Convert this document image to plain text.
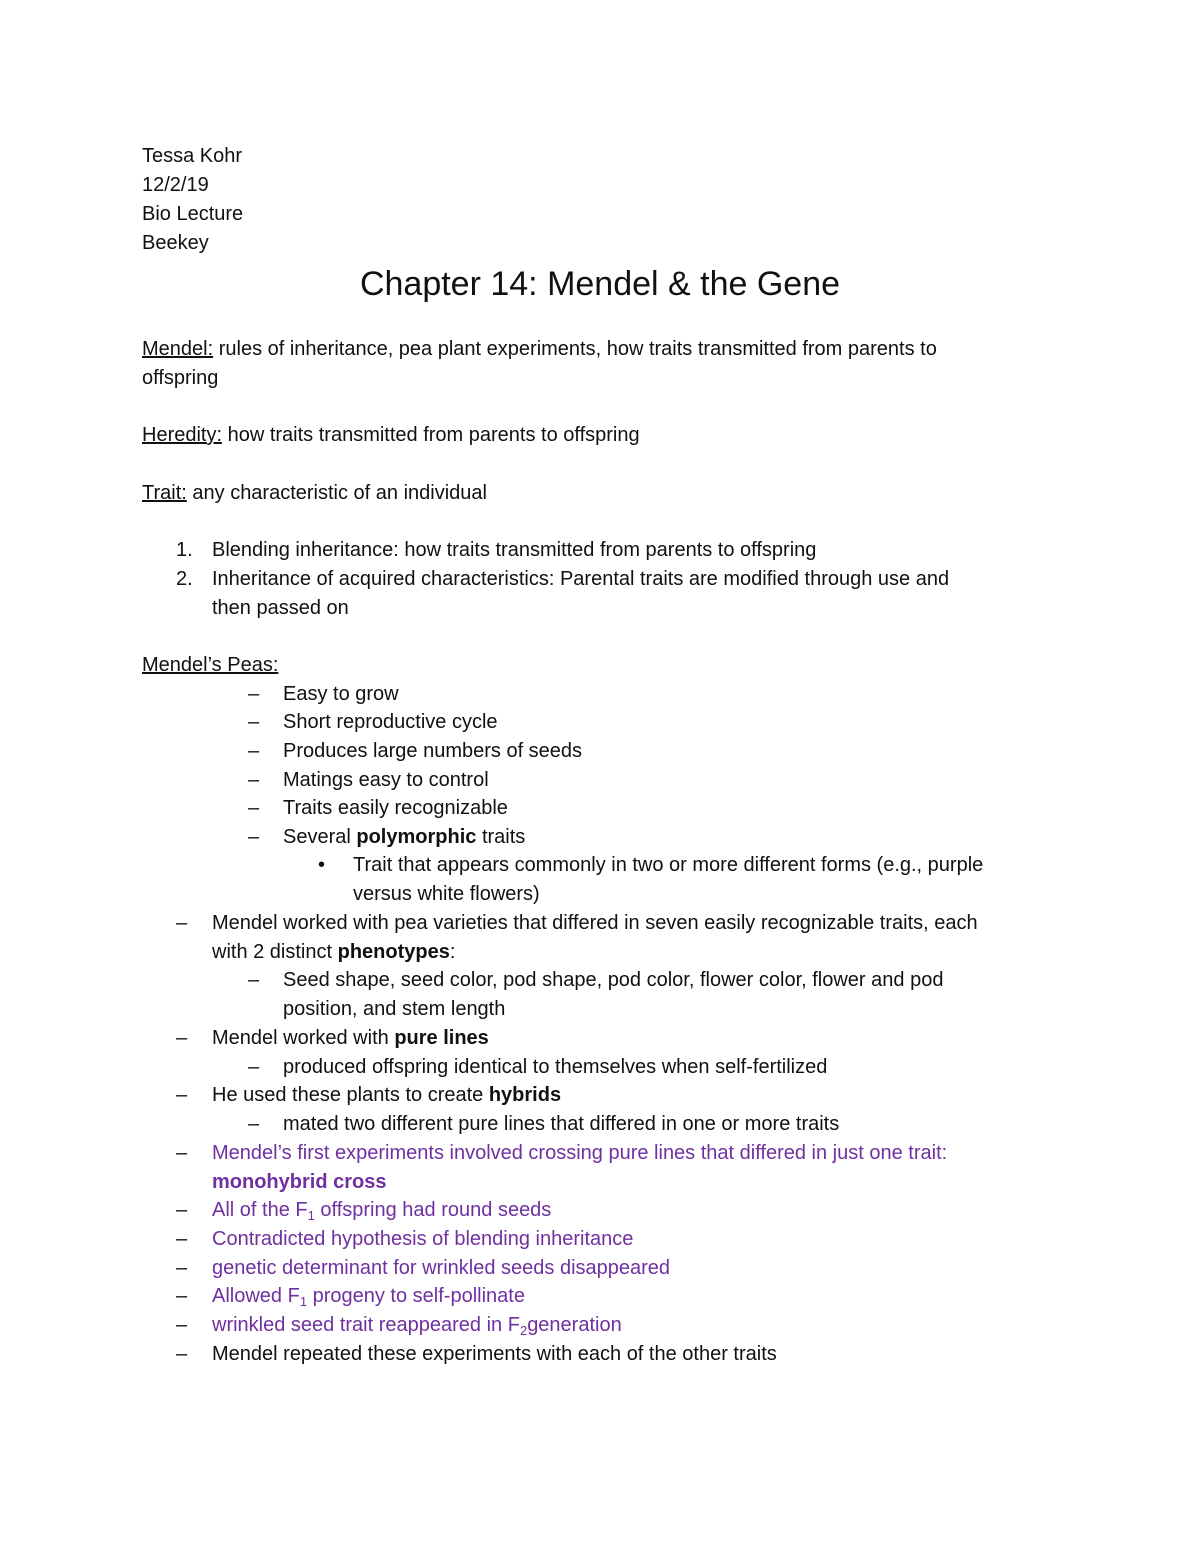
Tessa Kohr
12/2/19
Bio Lecture
Beekey
Chapter 14: Mendel & the Gene
Mendel: rules of inheritance, pea plant experiments, how traits transmitted from parents to
offspring
Heredity: how traits transmitted from parents to offspring
Trait: any characteristic of an individual
1. Blending inheritance: how traits transmitted from parents to offspring
2. Inheritance of acquired characteristics: Parental traits are modified through use and
then passed on
Mendel’s Peas:
– Easy to grow
– Short reproductive cycle
– Produces large numbers of seeds
– Matings easy to control
– Traits easily recognizable
– Several polymorphic traits
• Trait that appears commonly in two or more different forms (e.g., purple
versus white flowers)
– Mendel worked with pea varieties that differed in seven easily recognizable traits, each
with 2 distinct phenotypes:
– Seed shape, seed color, pod shape, pod color, flower color, flower and pod
position, and stem length
– Mendel worked with pure lines
– produced offspring identical to themselves when self-fertilized
– He used these plants to create hybrids
– mated two different pure lines that differed in one or more traits
– Mendel’s first experiments involved crossing pure lines that differed in just one trait:
monohybrid cross
– All of the $F_1$ offspring had round seeds
– Contradicted hypothesis of blending inheritance
– genetic determinant for wrinkled seeds disappeared
– Allowed $F_1$ progeny to self-pollinate
– wrinkled seed trait reappeared in $F_2generation$
– Mendel repeated these experiments with each of the other traits
